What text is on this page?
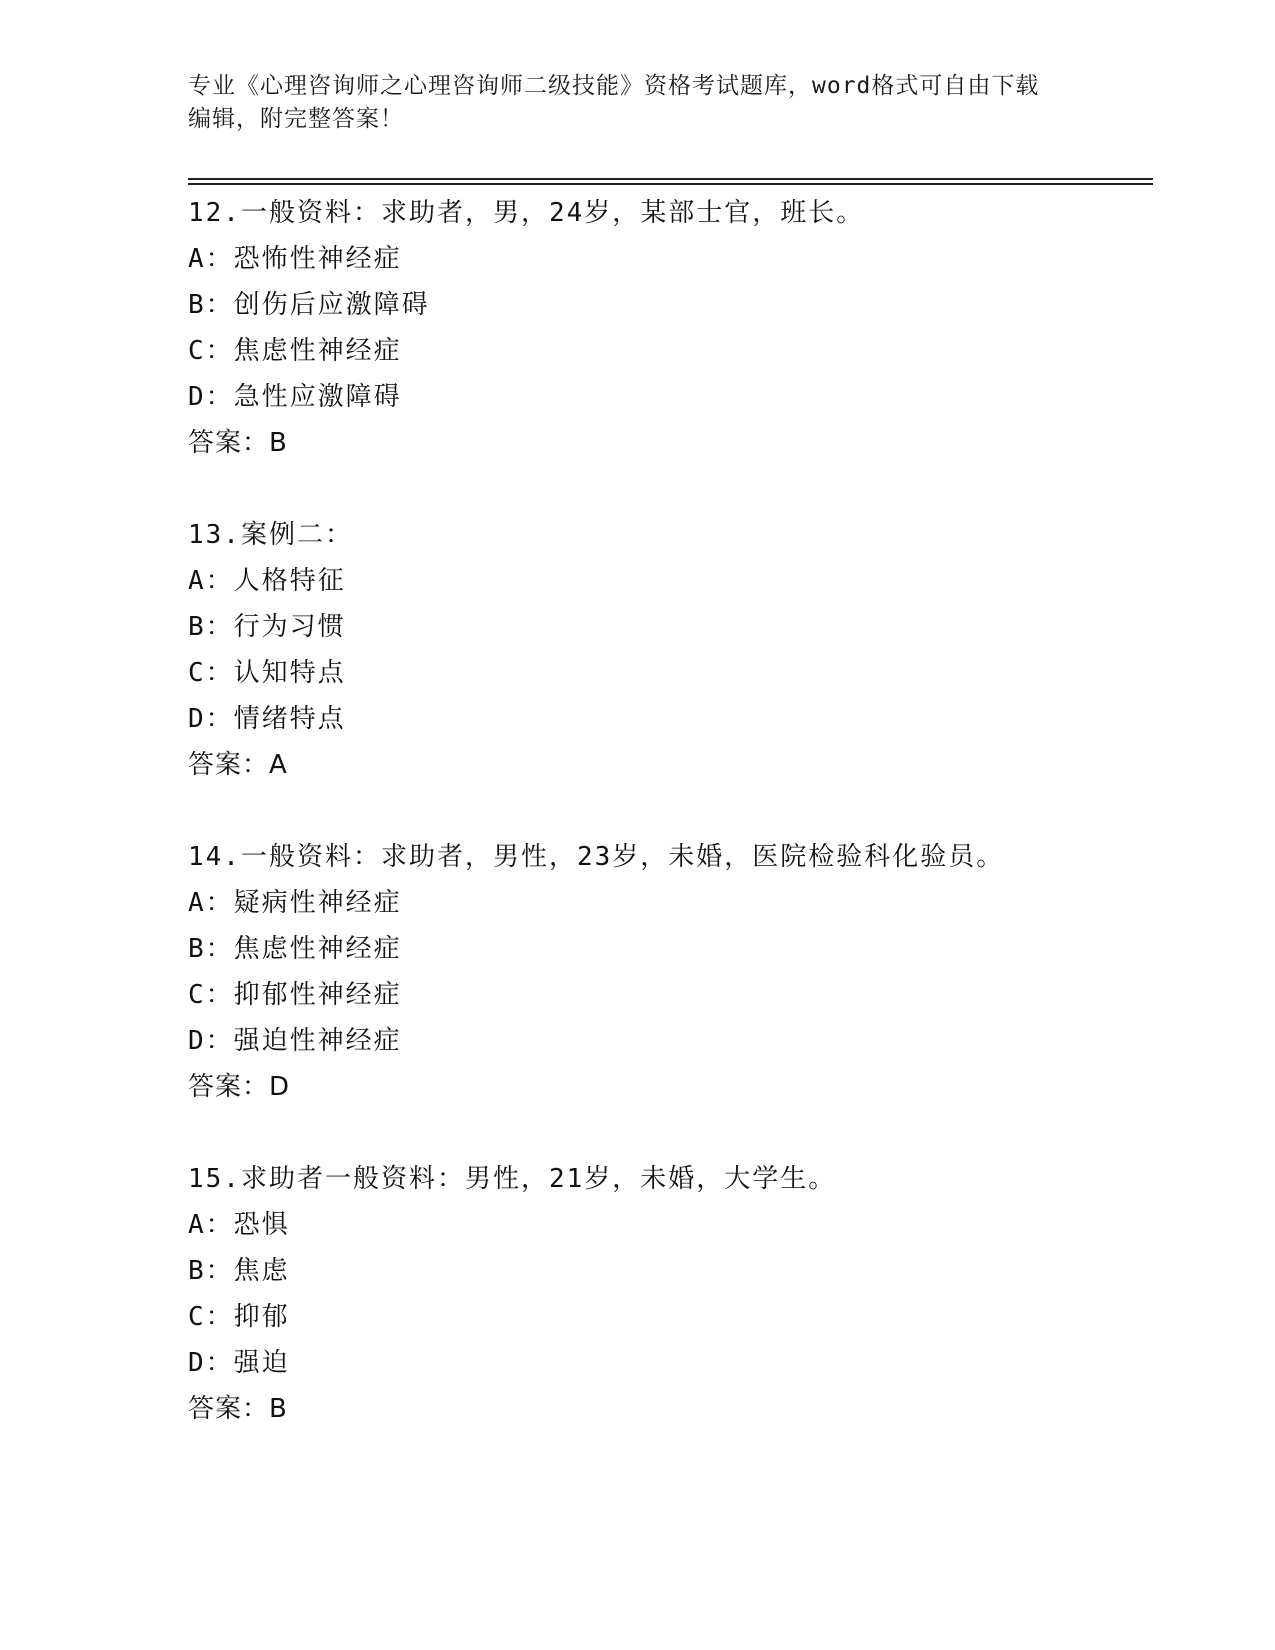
专业《心理咨询师之心理咨询师二级技能》资格考试题库，word格式可自由下载
编辑，附完整答案！
12.一般资料：求助者，男，24岁，某部士官，班长。
A：恐怖性神经症
B：创伤后应激障碍
C：焦虑性神经症
D：急性应激障碍
答案：B
13.案例二：
A：人格特征
B：行为习惯
C：认知特点
D：情绪特点
答案：A
14.一般资料：求助者，男性，23岁，未婚，医院检验科化验员。
A：疑病性神经症
B：焦虑性神经症
C：抑郁性神经症
D：强迫性神经症
答案：D
15.求助者一般资料：男性，21岁，未婚，大学生。
A：恐惧
B：焦虑
C：抑郁
D：强迫
答案：B
